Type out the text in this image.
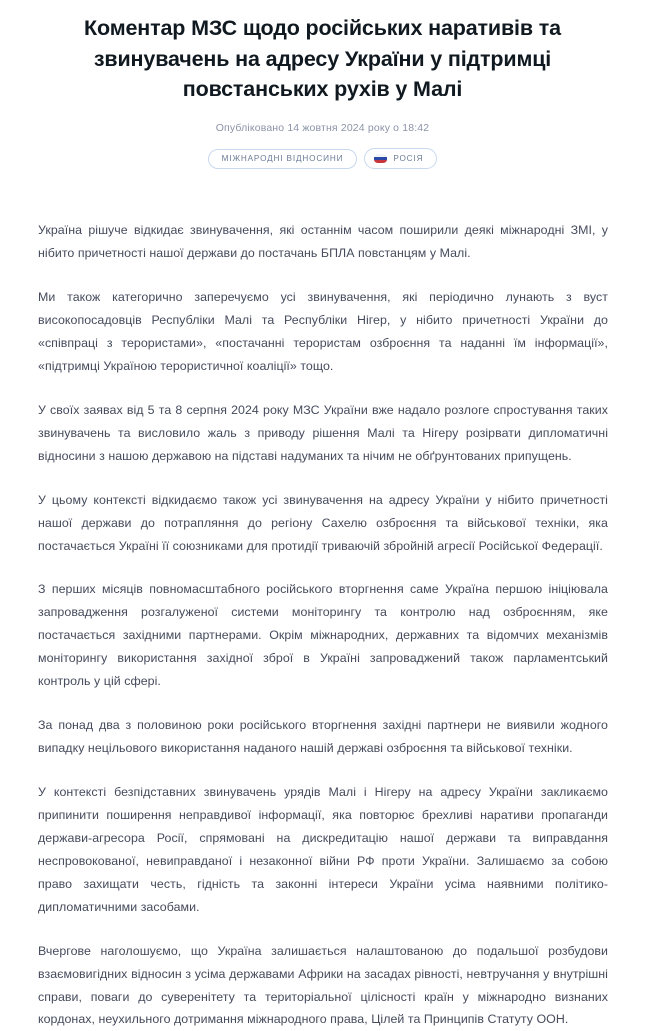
Коментар МЗС щодо російських наративів та звинувачень на адресу України у підтримці повстанських рухів у Малі
Опубліковано 14 жовтня 2024 року о 18:42
МІЖНАРОДНІ ВІДНОСИНИ	РОСІЯ

Україна рішуче відкидає звинувачення, які останнім часом поширили деякі міжнародні ЗМІ, у нібито причетності нашої держави до постачань БПЛА повстанцям у Малі.

Ми також категорично заперечуємо усі звинувачення, які періодично лунають з вуст високопосадовців Республіки Малі та Республіки Нігер, у нібито причетності України до «співпраці з терористами», «постачанні терористам озброєння та наданні їм інформації», «підтримці Україною терористичної коаліції» тощо.

У своїх заявах від 5 та 8 серпня 2024 року МЗС України вже надало розлоге спростування таких звинувачень та висловило жаль з приводу рішення Малі та Нігеру розірвати дипломатичні відносини з нашою державою на підставі надуманих та нічим не обґрунтованих припущень.

У цьому контексті відкидаємо також усі звинувачення на адресу України у нібито причетності нашої держави до потрапляння до регіону Сахелю озброєння та військової техніки, яка постачається Україні її союзниками для протидії триваючій збройній агресії Російської Федерації.

З перших місяців повномасштабного російського вторгнення саме Україна першою ініціювала запровадження розгалуженої системи моніторингу та контролю над озброєнням, яке постачається західними партнерами. Окрім міжнародних, державних та відомчих механізмів моніторингу використання західної зброї в Україні запроваджений також парламентський контроль у цій сфері.

За понад два з половиною роки російського вторгнення західні партнери не виявили жодного випадку нецільового використання наданого нашій державі озброєння та військової техніки.

У контексті безпідставних звинувачень урядів Малі і Нігеру на адресу України закликаємо припинити поширення неправдивої інформації, яка повторює брехливі наративи пропаганди держави-агресора Росії, спрямовані на дискредитацію нашої держави та виправдання неспровокованої, невиправданої і незаконної війни РФ проти України. Залишаємо за собою право захищати честь, гідність та законні інтереси України усіма наявними політико-дипломатичними засобами.

Вчергове наголошуємо, що Україна залишається налаштованою до подальшої розбудови взаємовигідних відносин з усіма державами Африки на засадах рівності, невтручання у внутрішні справи, поваги до суверенітету та територіальної цілісності країн у міжнародно визнаних кордонах, неухильного дотримання міжнародного права, Цілей та Принципів Статуту ООН.
